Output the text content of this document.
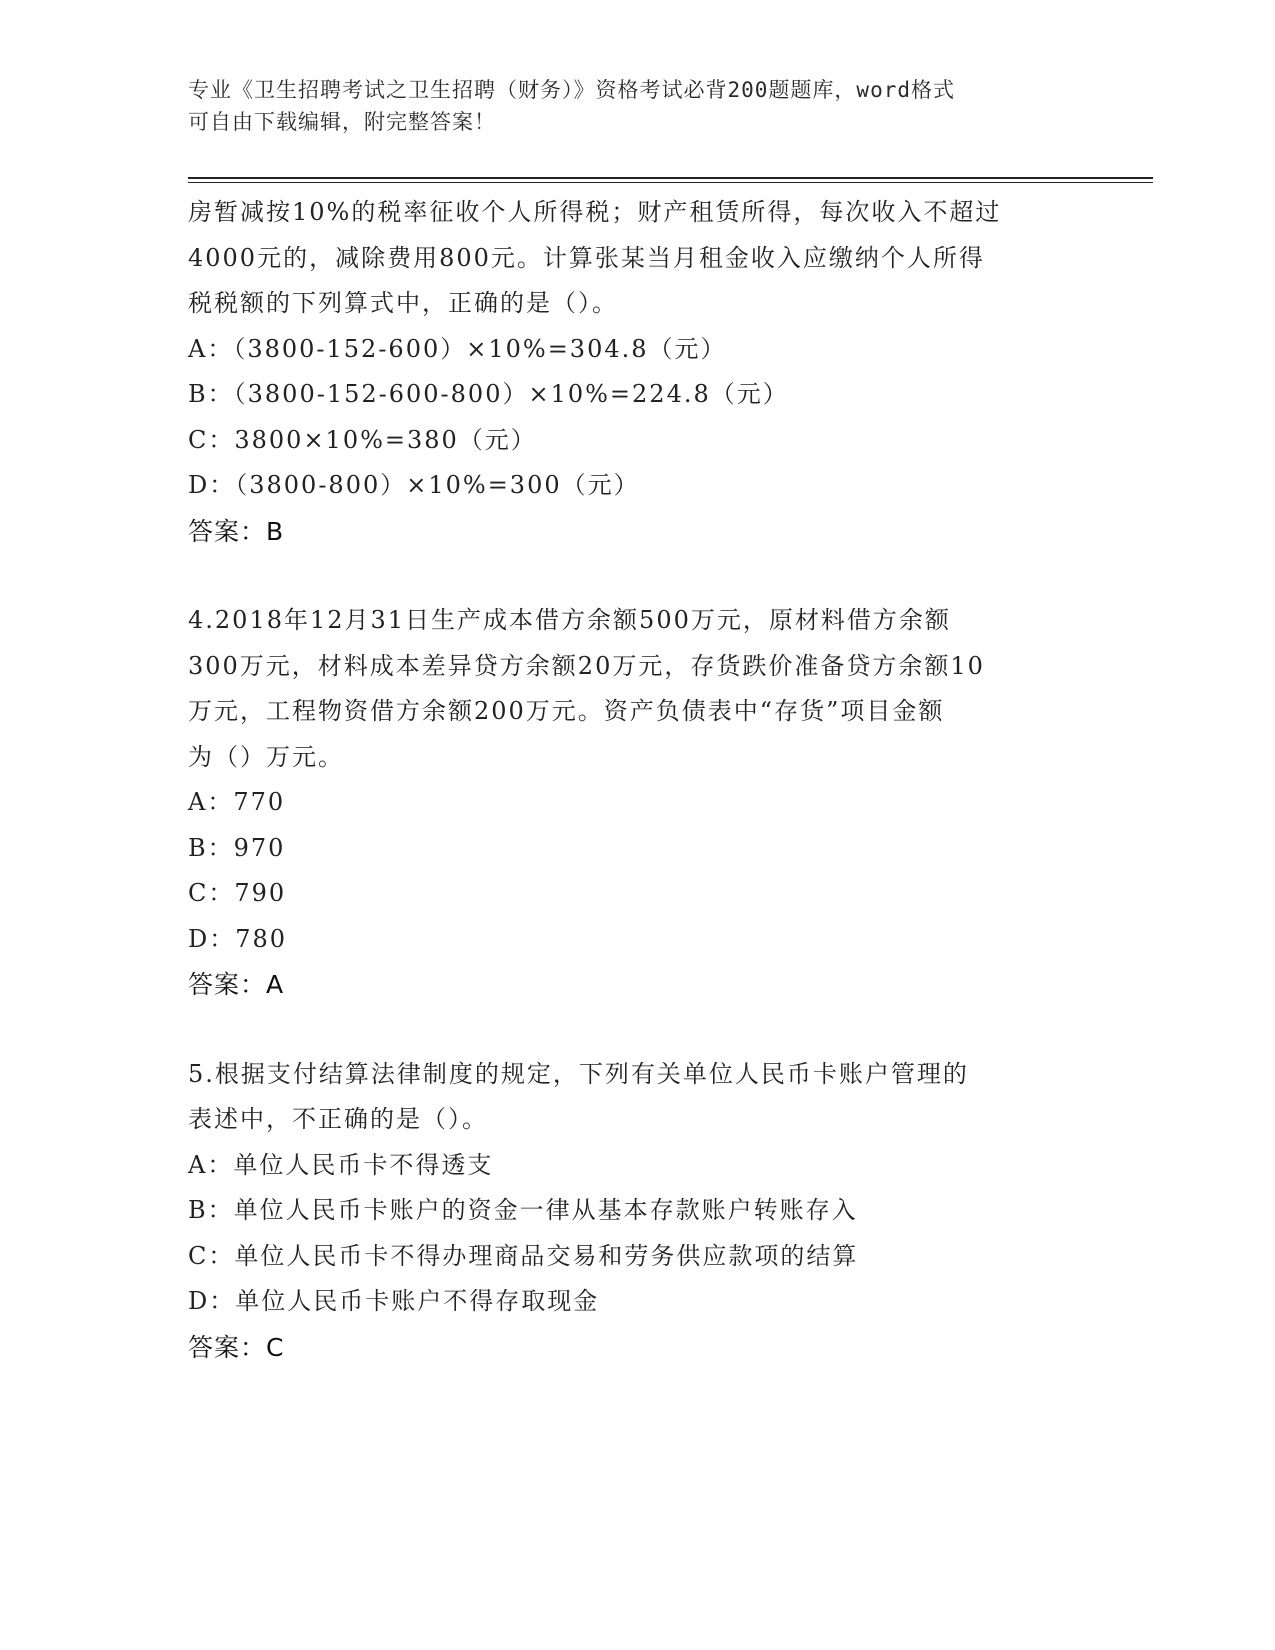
专业《卫生招聘考试之卫生招聘（财务）》资格考试必背200题题库，word格式
可自由下载编辑，附完整答案！
房暂减按10%的税率征收个人所得税；财产租赁所得，每次收入不超过
4000元的，减除费用800元。计算张某当月租金收入应缴纳个人所得
税税额的下列算式中，正确的是（）。
A：（3800-152-600）×10%=304.8（元）
B：（3800-152-600-800）×10%=224.8（元）
C：3800×10%=380（元）
D：（3800-800）×10%=300（元）
答案：B
4.2018年12月31日生产成本借方余额500万元，原材料借方余额
300万元，材料成本差异贷方余额20万元，存货跌价准备贷方余额10
万元，工程物资借方余额200万元。资产负债表中“存货”项目金额
为（）万元。
A：770
B：970
C：790
D：780
答案：A
5.根据支付结算法律制度的规定，下列有关单位人民币卡账户管理的
表述中，不正确的是（）。
A：单位人民币卡不得透支
B：单位人民币卡账户的资金一律从基本存款账户转账存入
C：单位人民币卡不得办理商品交易和劳务供应款项的结算
D：单位人民币卡账户不得存取现金
答案：C
